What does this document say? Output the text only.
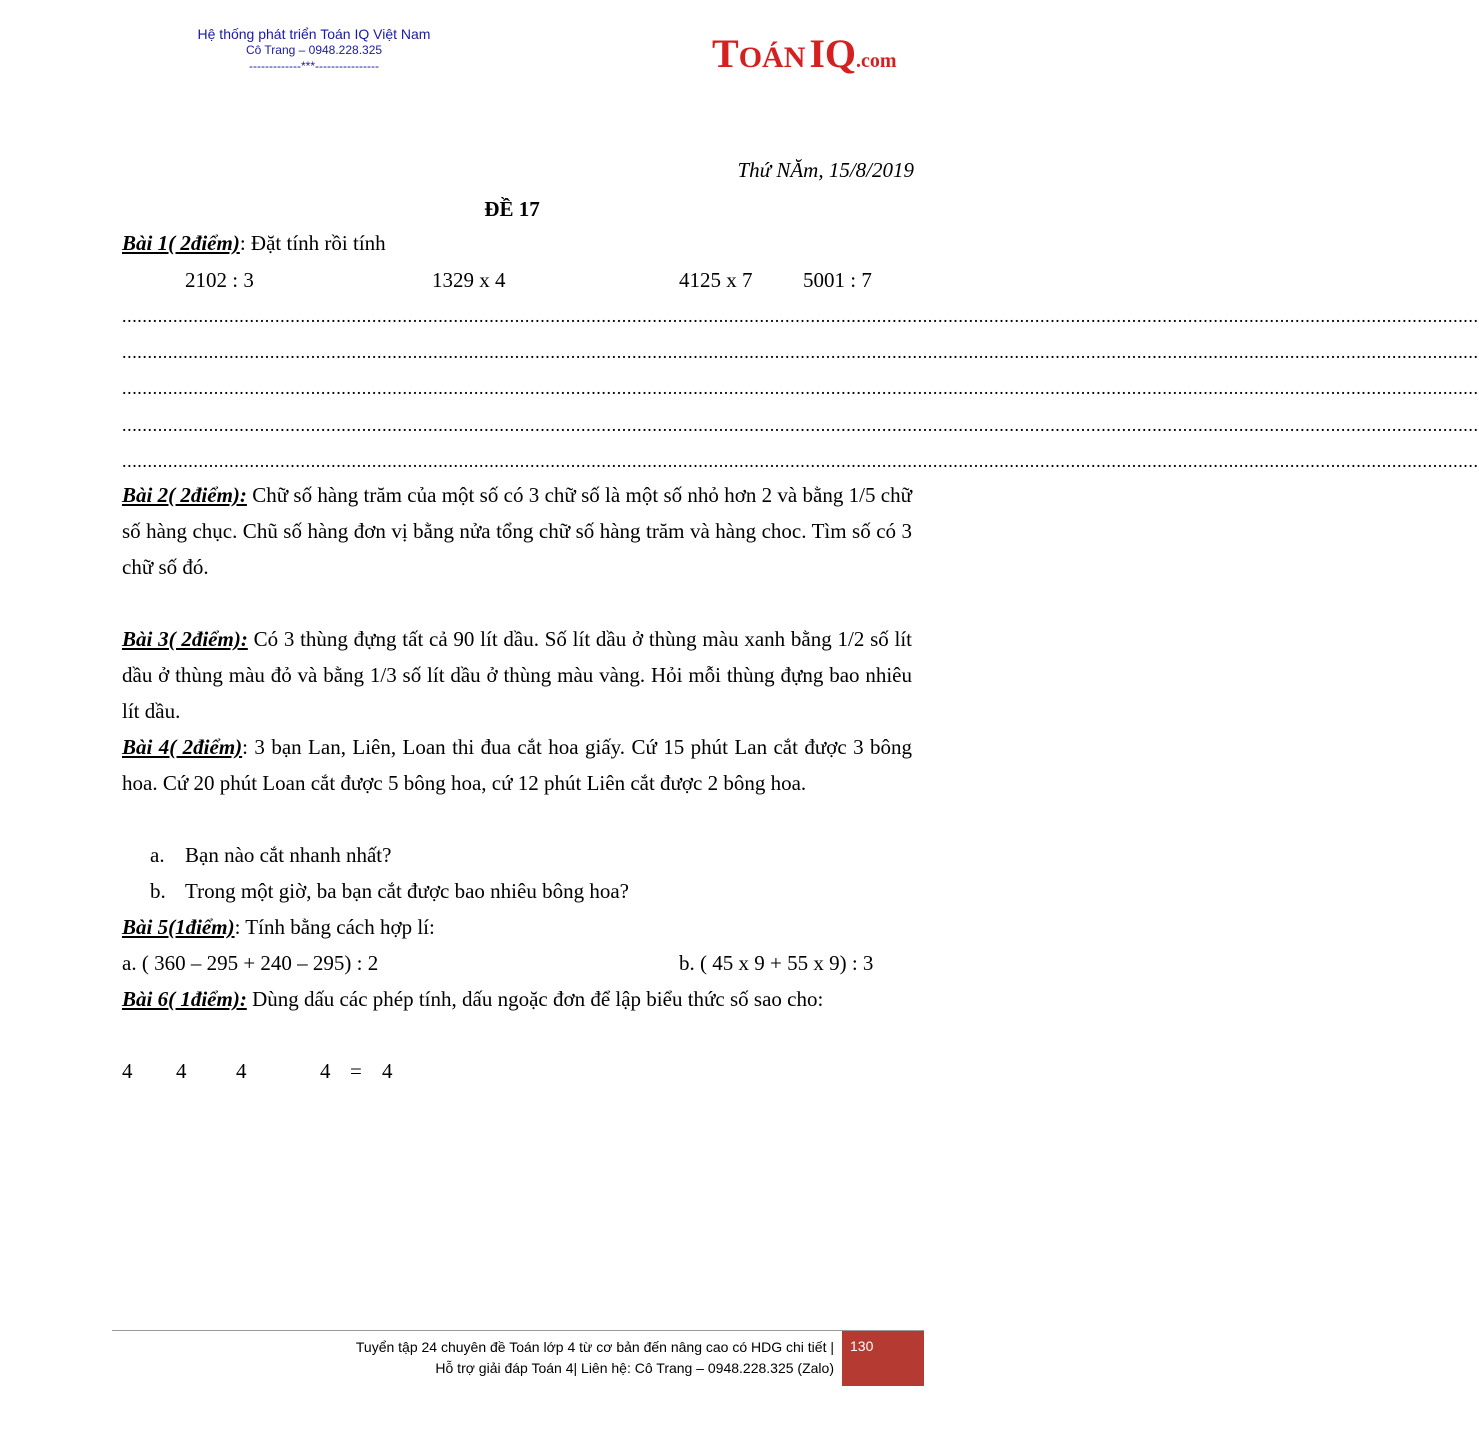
Hệ thống phát triển Toán IQ Việt Nam
Cô Trang – 0948.228.325
-------------***----------------	TOÁN IQ.com
Thứ NĂm, 15/8/2019
ĐỀ 17
Bài 1( 2điểm): Đặt tính rồi tính
2102 : 3	1329 x 4	4125 x 7 5001 : 7
..........................................................................................................................................................................................................................................................................
..........................................................................................................................................................................................................................................................................
..........................................................................................................................................................................................................................................................................
..........................................................................................................................................................................................................................................................................
..........................................................................................................................................................................................................................................................................
Bài 2( 2điểm): Chữ số hàng trăm của một số có 3 chữ số là một số nhỏ hơn 2 và bằng 1/5 chữ số hàng chục. Chũ số hàng đơn vị bằng nửa tổng chữ số hàng trăm và hàng choc. Tìm số có 3 chữ số đó.
Bài 3( 2điểm): Có 3 thùng đựng tất cả 90 lít dầu. Số lít dầu ở thùng màu xanh bằng 1/2 số lít dầu ở thùng màu đỏ và bằng 1/3 số lít dầu ở thùng màu vàng. Hỏi mỗi thùng đựng bao nhiêu lít dầu.
Bài 4( 2điểm): 3 bạn Lan, Liên, Loan thi đua cắt hoa giấy. Cứ 15 phút Lan cắt được 3 bông hoa. Cứ 20 phút Loan cắt được 5 bông hoa, cứ 12 phút Liên cắt được 2 bông hoa.
a. Bạn nào cắt nhanh nhất?
b. Trong một giờ, ba bạn cắt được bao nhiêu bông hoa?
Bài 5(1điểm): Tính bằng cách hợp lí:
a. ( 360 – 295 + 240 – 295) : 2	b. ( 45 x 9 + 55 x 9) : 3
Bài 6( 1điểm): Dùng dấu các phép tính, dấu ngoặc đơn để lập biểu thức số sao cho:
4 4 4	4 = 4
Tuyển tập 24 chuyên đề Toán lớp 4 từ cơ bản đến nâng cao có HDG chi tiết |
Hỗ trợ giải đáp Toán 4| Liên hệ: Cô Trang – 0948.228.325 (Zalo)
130
